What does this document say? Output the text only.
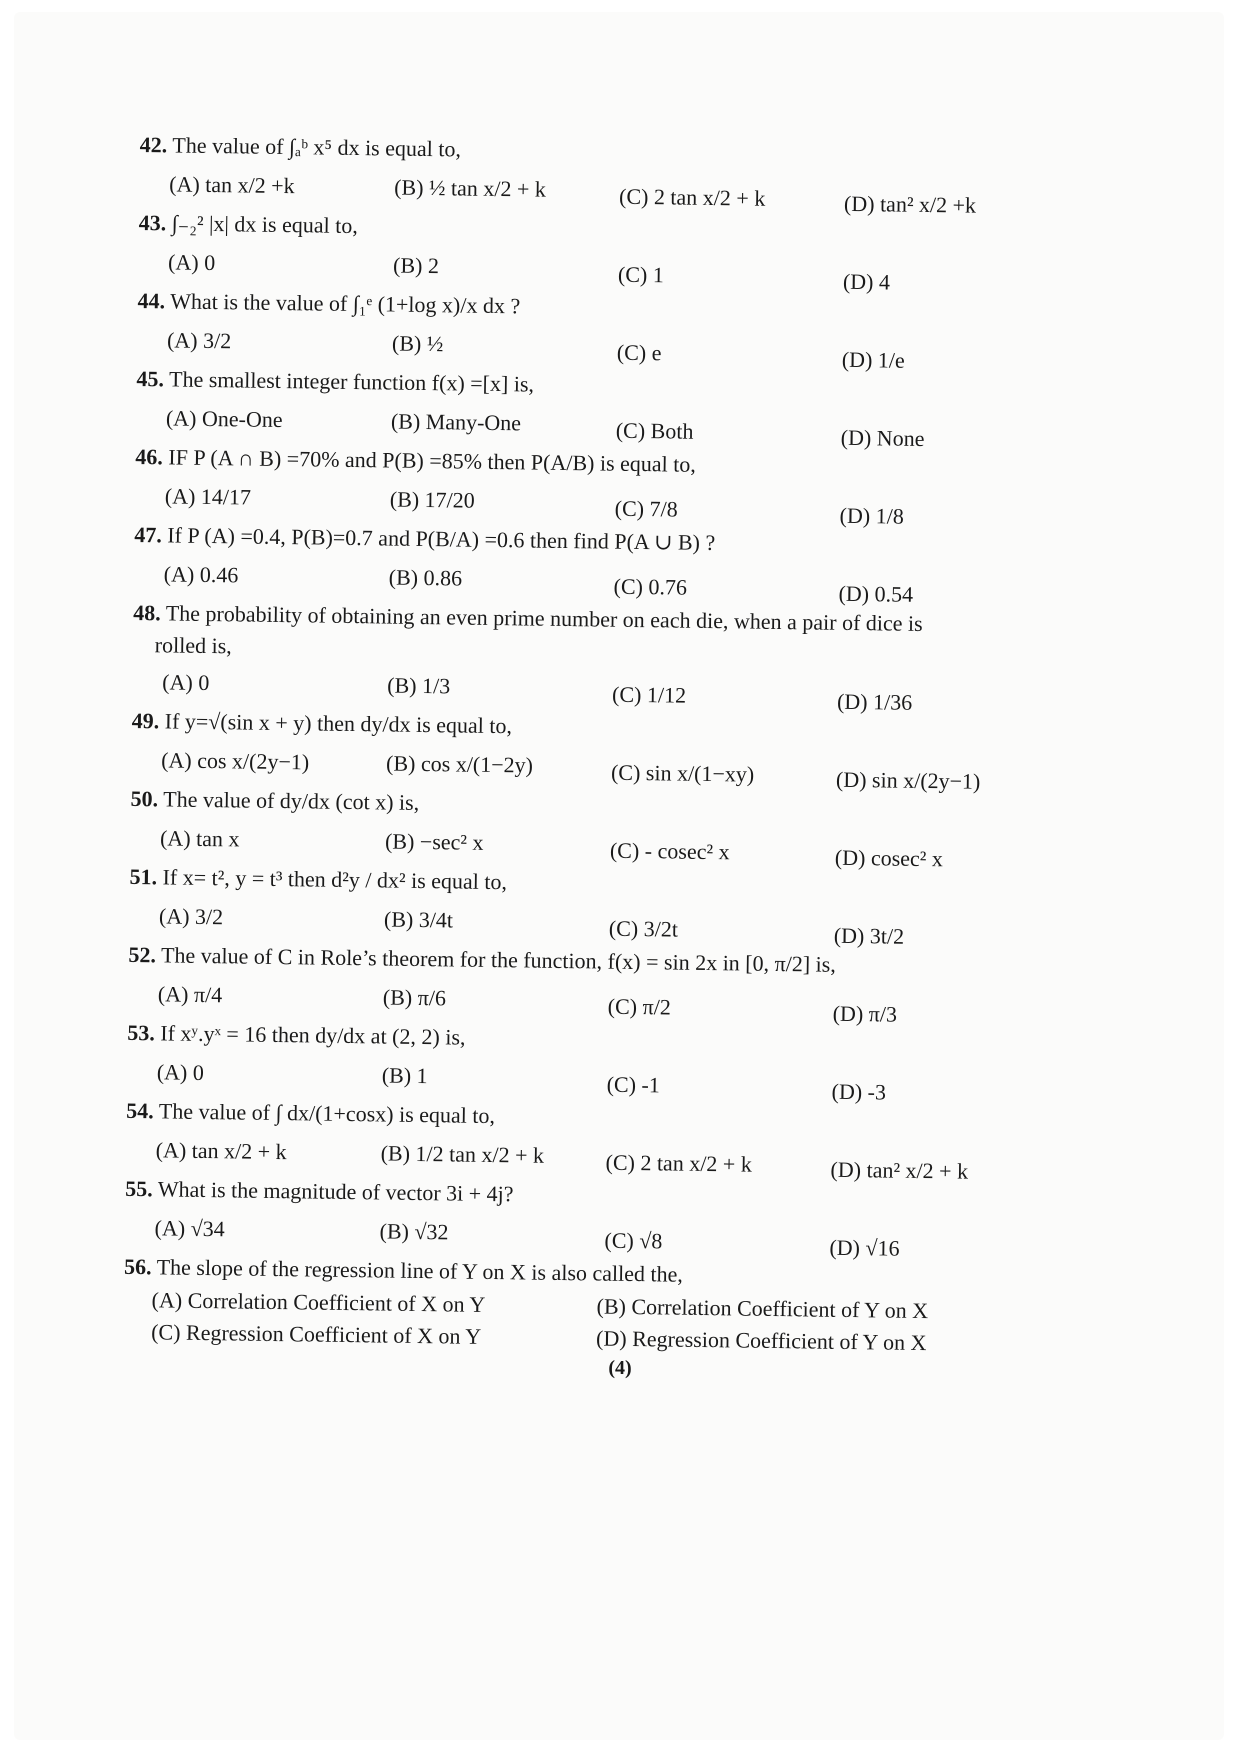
42. The value of ∫ₐᵇ x⁵ dx is equal to,
(A) tan x/2 +k	(B) ½ tan x/2 + k	(C) 2 tan x/2 + k	(D) tan² x/2 +k
43. ∫₋₂² |x| dx is equal to,
(A) 0	(B) 2	(C) 1	(D) 4
44. What is the value of ∫₁ᵉ (1+log x)/x dx ?
(A) 3/2	(B) ½	(C) e	(D) 1/e
45. The smallest integer function f(x) =[x] is,
(A) One-One	(B) Many-One	(C) Both	(D) None
46. IF P (A ∩ B) =70% and P(B) =85% then P(A/B) is equal to,
(A) 14/17	(B) 17/20	(C) 7/8	(D) 1/8
47. If P (A) =0.4, P(B)=0.7 and P(B/A) =0.6 then find P(A ∪ B) ?
(A) 0.46	(B) 0.86	(C) 0.76	(D) 0.54
48. The probability of obtaining an even prime number on each die, when a pair of dice is
rolled is,
(A) 0	(B) 1/3	(C) 1/12	(D) 1/36
49. If y=√(sin x + y) then dy/dx is equal to,
(A) cos x/(2y−1)	(B) cos x/(1−2y)	(C) sin x/(1−xy)	(D) sin x/(2y−1)
50. The value of dy/dx (cot x) is,
(A) tan x	(B) −sec² x	(C) - cosec² x	(D) cosec² x
51. If x= t², y = t³ then d²y / dx² is equal to,
(A) 3/2	(B) 3/4t	(C) 3/2t	(D) 3t/2
52. The value of C in Role’s theorem for the function, f(x) = sin 2x in [0, π/2] is,
(A) π/4	(B) π/6	(C) π/2	(D) π/3
53. If xʸ.yˣ = 16 then dy/dx at (2, 2) is,
(A) 0	(B) 1	(C) -1	(D) -3
54. The value of ∫ dx/(1+cosx) is equal to,
(A) tan x/2 + k	(B) 1/2 tan x/2 + k	(C) 2 tan x/2 + k	(D) tan² x/2 + k
55. What is the magnitude of vector 3i + 4j?
(A) √34	(B) √32	(C) √8	(D) √16
56. The slope of the regression line of Y on X is also called the,
(A) Correlation Coefficient of X on Y	(B) Correlation Coefficient of Y on X
(C) Regression Coefficient of X on Y	(D) Regression Coefficient of Y on X
(4)
